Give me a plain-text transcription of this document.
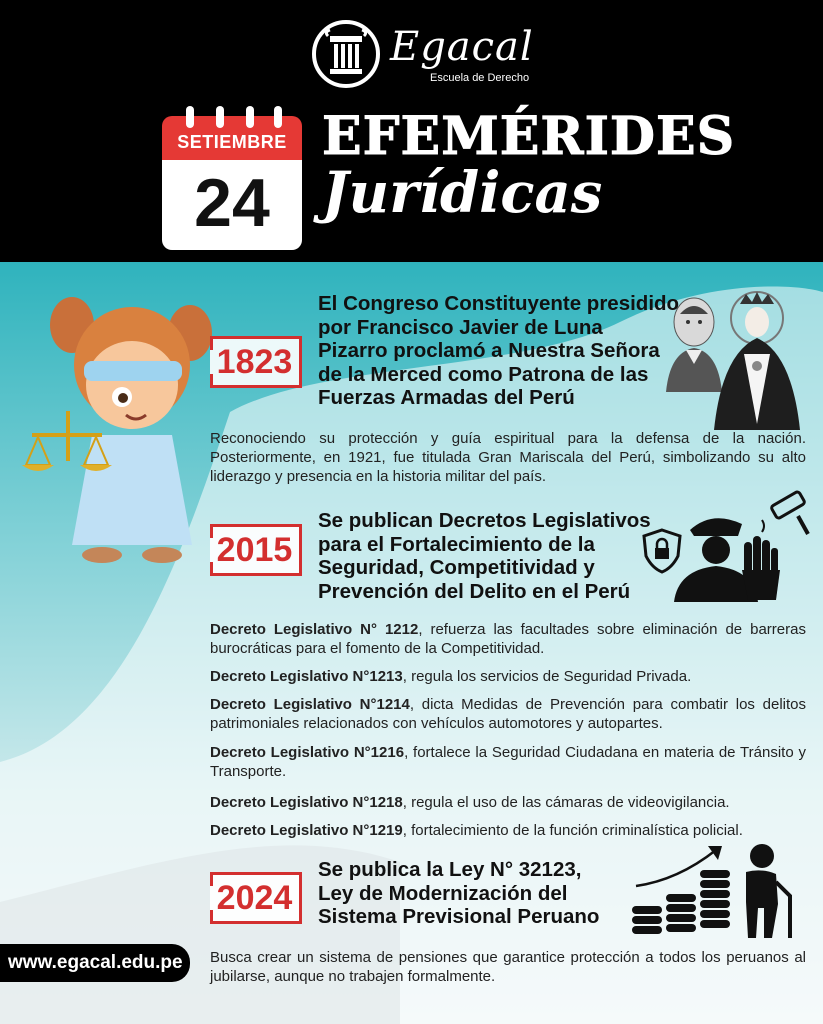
Egacal
Escuela de Derecho
SETIEMBRE
24
EFEMÉRIDES
Jurídicas
1823
El Congreso Constituyente presidido
por Francisco Javier de Luna
Pizarro proclamó a Nuestra Señora
de la Merced como Patrona de las
Fuerzas Armadas del Perú
Reconociendo su protección y guía espiritual para la defensa de la nación. Posteriormente, en 1921, fue titulada Gran Mariscala del Perú, simbolizando su alto liderazgo y presencia en la historia militar del país.
2015
Se publican Decretos Legislativos
para el Fortalecimiento de la
Seguridad, Competitividad y
Prevención del Delito en el Perú
Decreto Legislativo N° 1212, refuerza las facultades sobre eliminación de barreras burocráticas para el fomento de la Competitividad.
Decreto Legislativo N°1213, regula los servicios de Seguridad Privada.
Decreto Legislativo N°1214, dicta Medidas de Prevención para combatir los delitos patrimoniales relacionados con vehículos automotores y autopartes.
Decreto Legislativo N°1216, fortalece la Seguridad Ciudadana en materia de Tránsito y Transporte.
Decreto Legislativo N°1218, regula el uso de las cámaras de videovigilancia.
Decreto Legislativo N°1219, fortalecimiento de la función criminalística policial.
2024
Se publica la Ley N° 32123,
Ley de Modernización del
Sistema Previsional Peruano
Busca crear un sistema de pensiones que garantice protección a todos los peruanos al jubilarse, aunque no trabajen formalmente.
www.egacal.edu.pe
